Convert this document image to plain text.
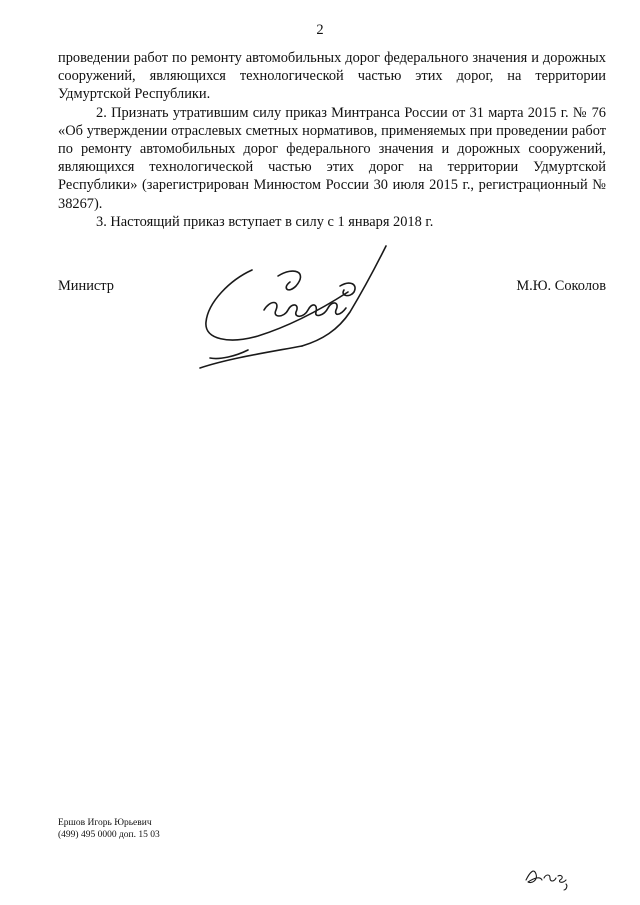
2

проведении работ по ремонту автомобильных дорог федерального значения и дорожных сооружений, являющихся технологической частью этих дорог, на территории Удмуртской Республики.

2. Признать утратившим силу приказ Минтранса России от 31 марта 2015 г. № 76 «Об утверждении отраслевых сметных нормативов, применяемых при проведении работ по ремонту автомобильных дорог федерального значения и дорожных сооружений, являющихся технологической частью этих дорог на территории Удмуртской Республики» (зарегистрирован Минюстом России 30 июля 2015 г., регистрационный № 38267).

3. Настоящий приказ вступает в силу с 1 января 2018 г.

Министр	М.Ю. Соколов
Ершов Игорь Юрьевич
(499) 495 0000 доп. 15 03
